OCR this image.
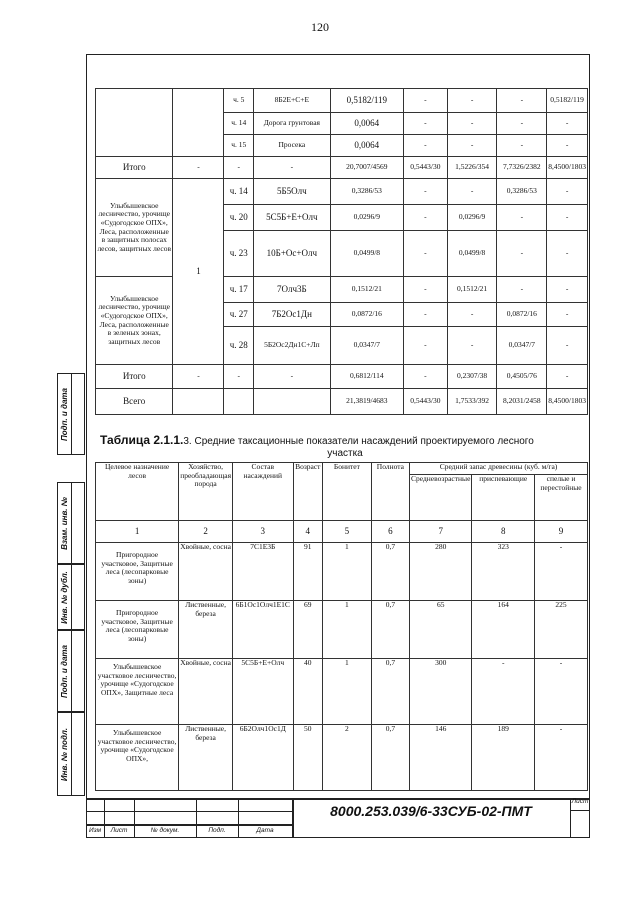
120
Подп. и дата
Взам. инв. №
Инв. № дубл.
Подп. и дата
Инв. № подл.
		ч. 5	8Б2Е+С+Е	0,5182/119	-	-	-	0,5182/119
		ч. 14	Дорога грунтовая	0,0064	-	-	-	-
		ч. 15	Просека	0,0064	-	-	-	-
Итого	-	-	-	20,7007/4569	0,5443/30	1,5226/354	7,7326/2382	8,4500/1803
Улыбышевское лесничество, урочище «Судогодское ОПХ», Леса, расположенные в защитных полосах лесов, защитных лесов	1	ч. 14	5Б5Олч	0,3286/53	-	-	0,3286/53	-
		ч. 20	5С5Б+Е+Олч	0,0296/9	-	0,0296/9	-	-
		ч. 23	10Б+Ос+Олч	0,0499/8	-	0,0499/8	-	-
Улыбышевское лесничество, урочище «Судогодское ОПХ», Леса, расположенные в зеленых зонах, защитных лесов		ч. 17	7Олч3Б	0,1512/21	-	0,1512/21	-	-
		ч. 27	7Б2Ос1Дн	0,0872/16	-	-	0,0872/16	-
		ч. 28	5Б2Ос2Дн1С+Лп	0,0347/7	-	-	0,0347/7	-
Итого	-	-	-	0,6812/114	-	0,2307/38	0,4505/76	-
Всего				21,3819/4683	0,5443/30	1,7533/392	8,2031/2458	8,4500/1803
Таблица 2.1.1.3. Средние таксационные показатели насаждений проектируемого лесного
участка
Целевое назначение лесов	Хозяйство, преобладающая порода	Состав насаждений	Возраст	Бонитет	Полнота	Средний запас древесины (куб. м/га)		
						Средневозрастные	приспевающие	спелые и перестойные
1	2	3	4	5	6	7	8	9
Пригородное участковое, Защитные леса (лесопарковые зоны)	Хвойные, сосна	7С1Е3Б	91	1	0,7	280	323	-
Пригородное участковое, Защитные леса (лесопарковые зоны)	Лиственные, береза	6Б1Ос1Олч1Е1С	69	1	0,7	65	164	225
Улыбышевское участковое лесничество, урочище «Судогодское ОПХ», Защитные леса	Хвойные, сосна	5С5Б+Е+Олч	40	1	0,7	300	-	-
Улыбышевское участковое лесничество, урочище «Судогодское ОПХ»,	Лиственные, береза	6Б2Олч1Ос1Д	50	2	0,7	146	189	-
8000.253.039/6-33СУБ-02-ПМТ
Лист
Изм	Лист	№ докум.	Подп.	Дата
